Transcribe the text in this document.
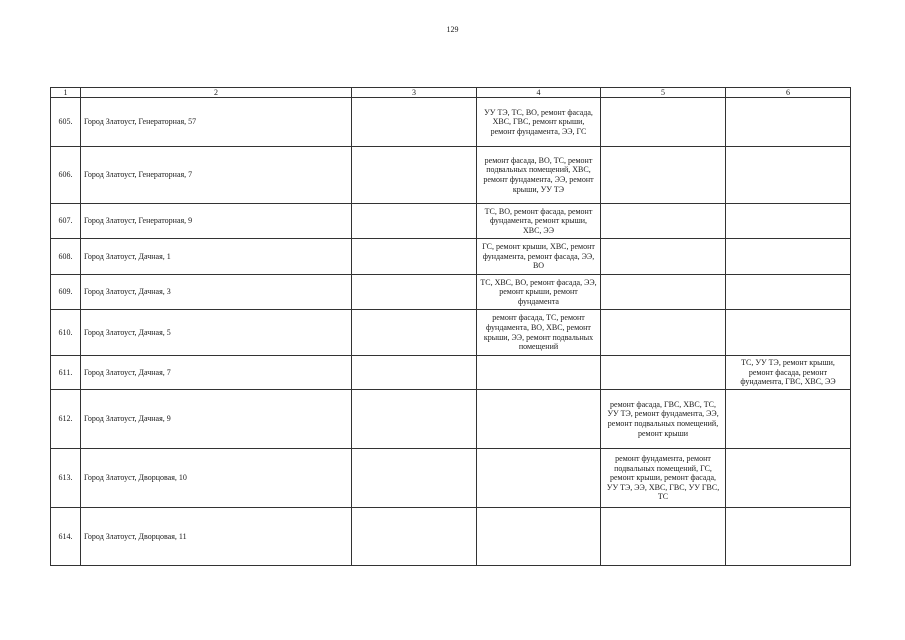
129
1	2	3	4	5	6
605.	Город Златоуст, Генераторная, 57		УУ ТЭ, ТС, ВО, ремонт фасада, ХВС, ГВС, ремонт крыши, ремонт фундамента, ЭЭ, ГС		
606.	Город Златоуст, Генераторная, 7		ремонт фасада, ВО, ТС, ремонт подвальных помещений, ХВС, ремонт фундамента, ЭЭ, ремонт крыши, УУ ТЭ		
607.	Город Златоуст, Генераторная, 9		ТС, ВО, ремонт фасада, ремонт фундамента, ремонт крыши, ХВС, ЭЭ		
608.	Город Златоуст, Дачная, 1		ГС, ремонт крыши, ХВС, ремонт фундамента, ремонт фасада, ЭЭ, ВО		
609.	Город Златоуст, Дачная, 3		ТС, ХВС, ВО, ремонт фасада, ЭЭ, ремонт крыши, ремонт фундамента		
610.	Город Златоуст, Дачная, 5		ремонт фасада, ТС, ремонт фундамента, ВО, ХВС, ремонт крыши, ЭЭ, ремонт подвальных помещений		
611.	Город Златоуст, Дачная, 7				ТС, УУ ТЭ, ремонт крыши, ремонт фасада, ремонт фундамента, ГВС, ХВС, ЭЭ
612.	Город Златоуст, Дачная, 9			ремонт фасада, ГВС, ХВС, ТС, УУ ТЭ, ремонт фундамента, ЭЭ, ремонт подвальных помещений, ремонт крыши	
613.	Город Златоуст, Дворцовая, 10			ремонт фундамента, ремонт подвальных помещений, ГС, ремонт крыши, ремонт фасада, УУ ТЭ, ЭЭ, ХВС, ГВС, УУ ГВС, ТС	
614.	Город Златоуст, Дворцовая, 11				
